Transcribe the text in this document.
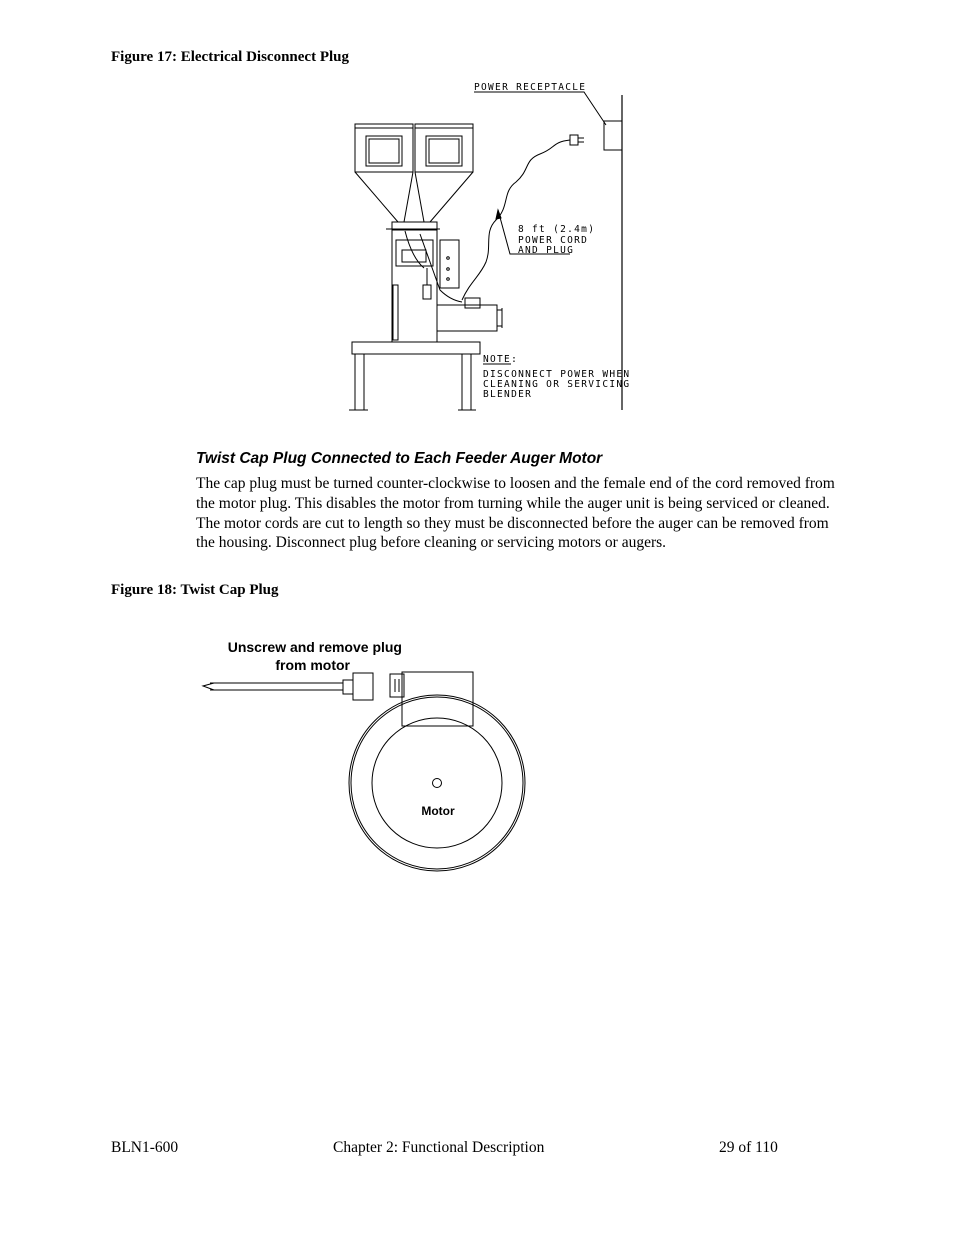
Figure 17: Electrical Disconnect Plug
POWER RECEPTACLE
8 ft (2.4m)
POWER CORD
AND PLUG
NOTE:
DISCONNECT POWER WHEN
CLEANING OR SERVICING
BLENDER
Twist Cap Plug Connected to Each Feeder Auger Motor
The cap plug must be turned counter-clockwise to loosen and the female end of the cord removed from the motor plug. This disables the motor from turning while the auger unit is being serviced or cleaned. The motor cords are cut to length so they must be disconnected before the auger can be removed from the housing. Disconnect plug before cleaning or servicing motors or augers.
Figure 18: Twist Cap Plug
Unscrew and remove plug
from motor
Motor
BLN1-600	Chapter 2: Functional Description	29 of 110
